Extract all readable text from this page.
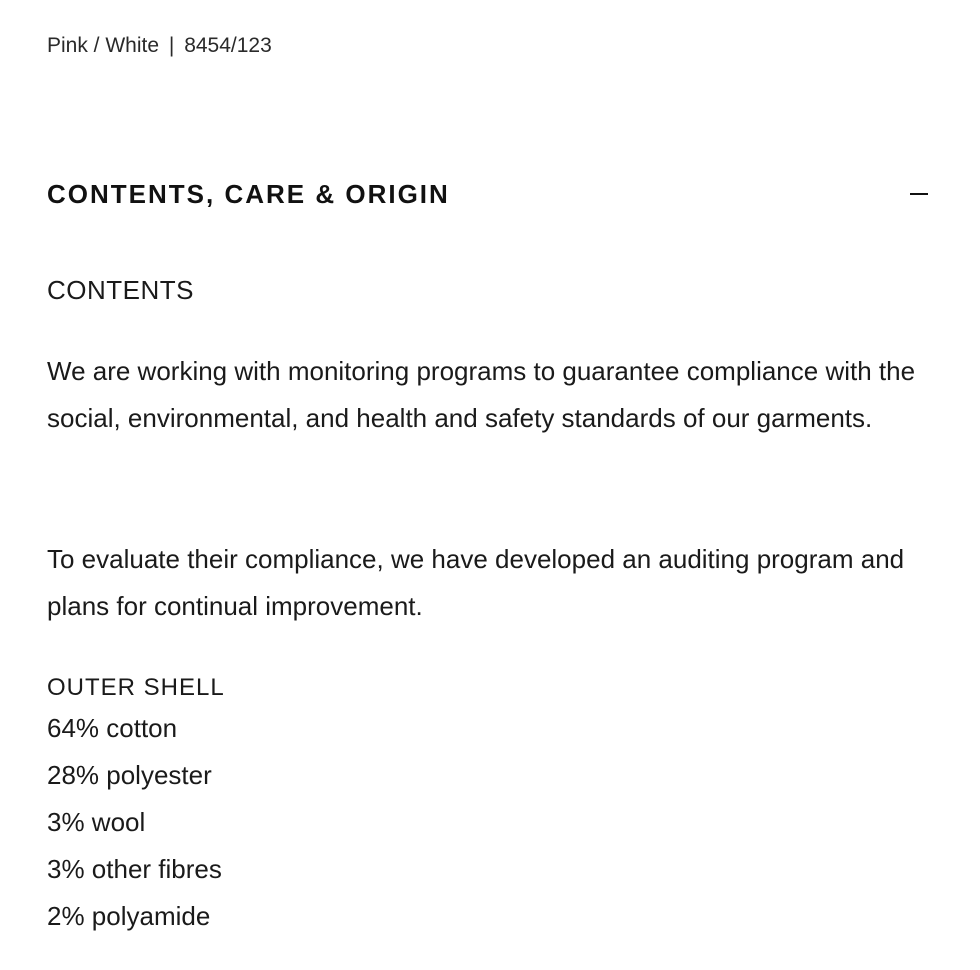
Pink / White | 8454/123
CONTENTS, CARE & ORIGIN
CONTENTS

We are working with monitoring programs to guarantee compliance with the social, environmental, and health and safety standards of our garments.

To evaluate their compliance, we have developed an auditing program and plans for continual improvement.

OUTER SHELL
64% cotton
28% polyester
3% wool
3% other fibres
2% polyamide
